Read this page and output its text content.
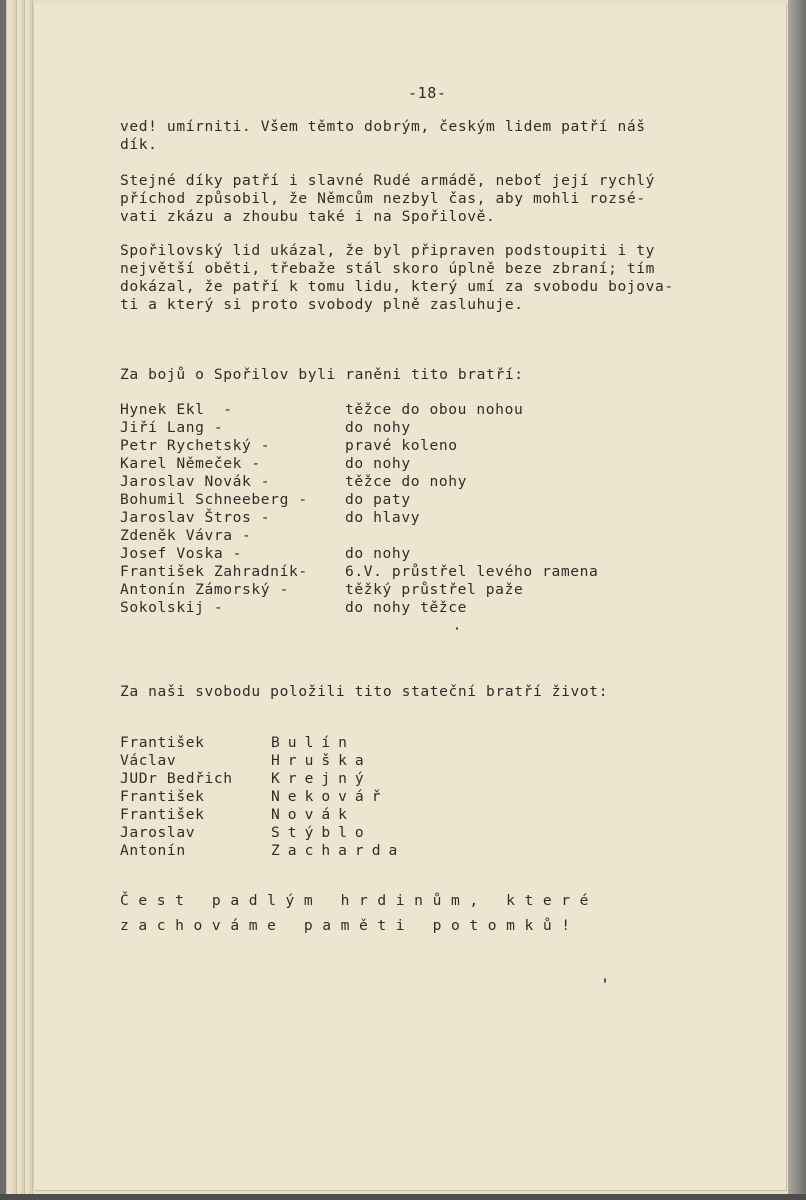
-18-
ved! umírniti. Všem těmto dobrým, českým lidem patří náš
dík.
Stejné díky patří i slavné Rudé armádě, neboť její rychlý
příchod způsobil, že Němcům nezbyl čas, aby mohli rozsé-
vati zkázu a zhoubu také i na Spořilově.
Spořilovský lid ukázal, že byl připraven podstoupiti i ty
největší oběti, třebaže stál skoro úplně beze zbraní; tím
dokázal, že patří k tomu lidu, který umí za svobodu bojova-
ti a který si proto svobody plně zasluhuje.
Za bojů o Spořilov byli raněni tito bratří:
Hynek Ekl  -	těžce do obou nohou
Jiří Lang -	do nohy
Petr Rychetský -	pravé koleno
Karel Němeček -	do nohy
Jaroslav Novák -	těžce do nohy
Bohumil Schneeberg -	do paty
Jaroslav Štros -	do hlavy
Zdeněk Vávra -
Josef Voska -	do nohy
František Zahradník-	6.V. průstřel levého ramena
Antonín Zámorský -	těžký průstřel paže
Sokolskij -	do nohy těžce
Za naši svobodu položili tito stateční bratří život:
František	Bulín
Václav	Hruška
JUDr Bedřich	Krejný
František	Nekovář
František	Novák
Jaroslav	Stýblo
Antonín	Zacharda
Čest padlým hrdinům, které
zachováme paměti potomků!
